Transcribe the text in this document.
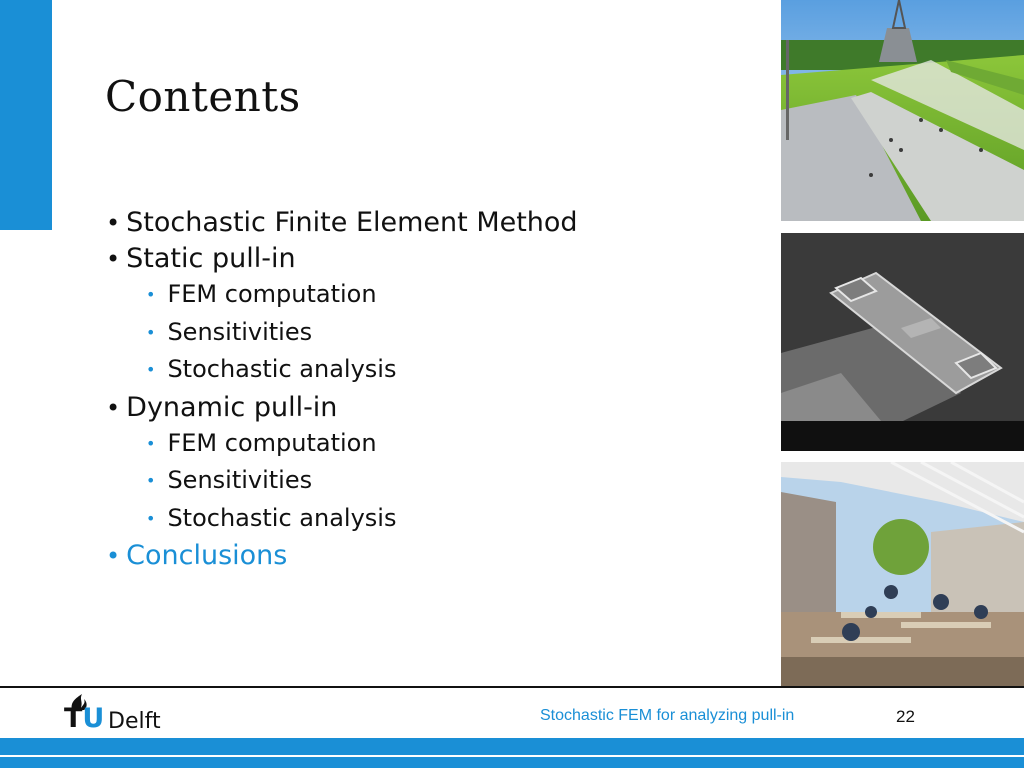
Contents
• Stochastic Finite Element Method
• Static pull-in
• FEM computation
• Sensitivities
• Stochastic analysis
• Dynamic pull-in
• FEM computation
• Sensitivities
• Stochastic analysis
• Conclusions
TU Delft	Stochastic FEM for analyzing pull-in	22
